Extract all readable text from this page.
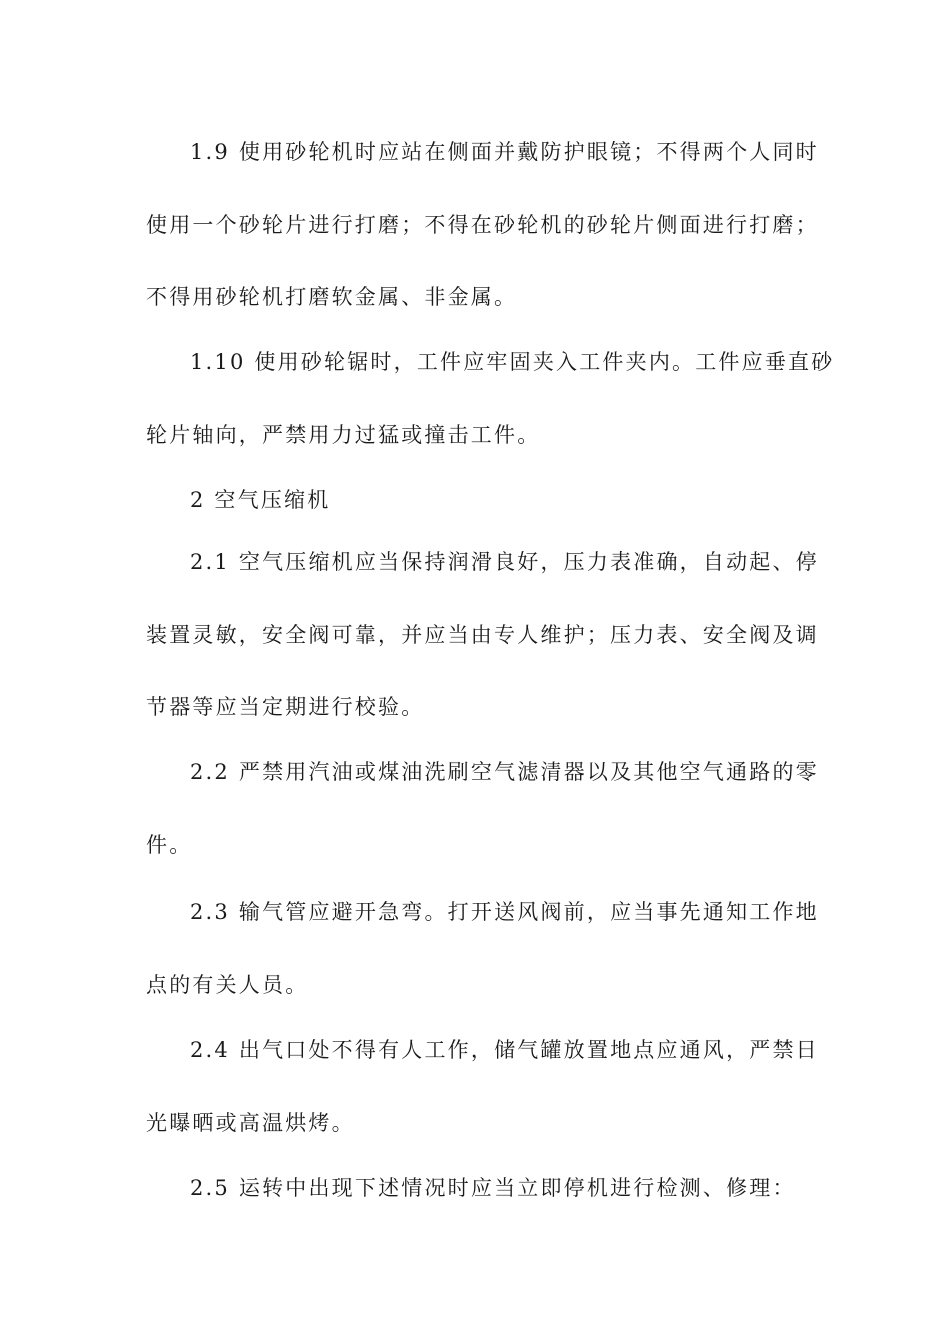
1.9 使用砂轮机时应站在侧面并戴防护眼镜；不得两个人同时
使用一个砂轮片进行打磨；不得在砂轮机的砂轮片侧面进行打磨；
不得用砂轮机打磨软金属、非金属。

1.10 使用砂轮锯时，工件应牢固夹入工件夹内。工件应垂直砂
轮片轴向，严禁用力过猛或撞击工件。

2 空气压缩机

2.1 空气压缩机应当保持润滑良好，压力表准确，自动起、停
装置灵敏，安全阀可靠，并应当由专人维护；压力表、安全阀及调
节器等应当定期进行校验。

2.2 严禁用汽油或煤油洗刷空气滤清器以及其他空气通路的零
件。

2.3 输气管应避开急弯。打开送风阀前，应当事先通知工作地
点的有关人员。

2.4 出气口处不得有人工作，储气罐放置地点应通风，严禁日
光曝晒或高温烘烤。

2.5 运转中出现下述情况时应当立即停机进行检测、修理：
